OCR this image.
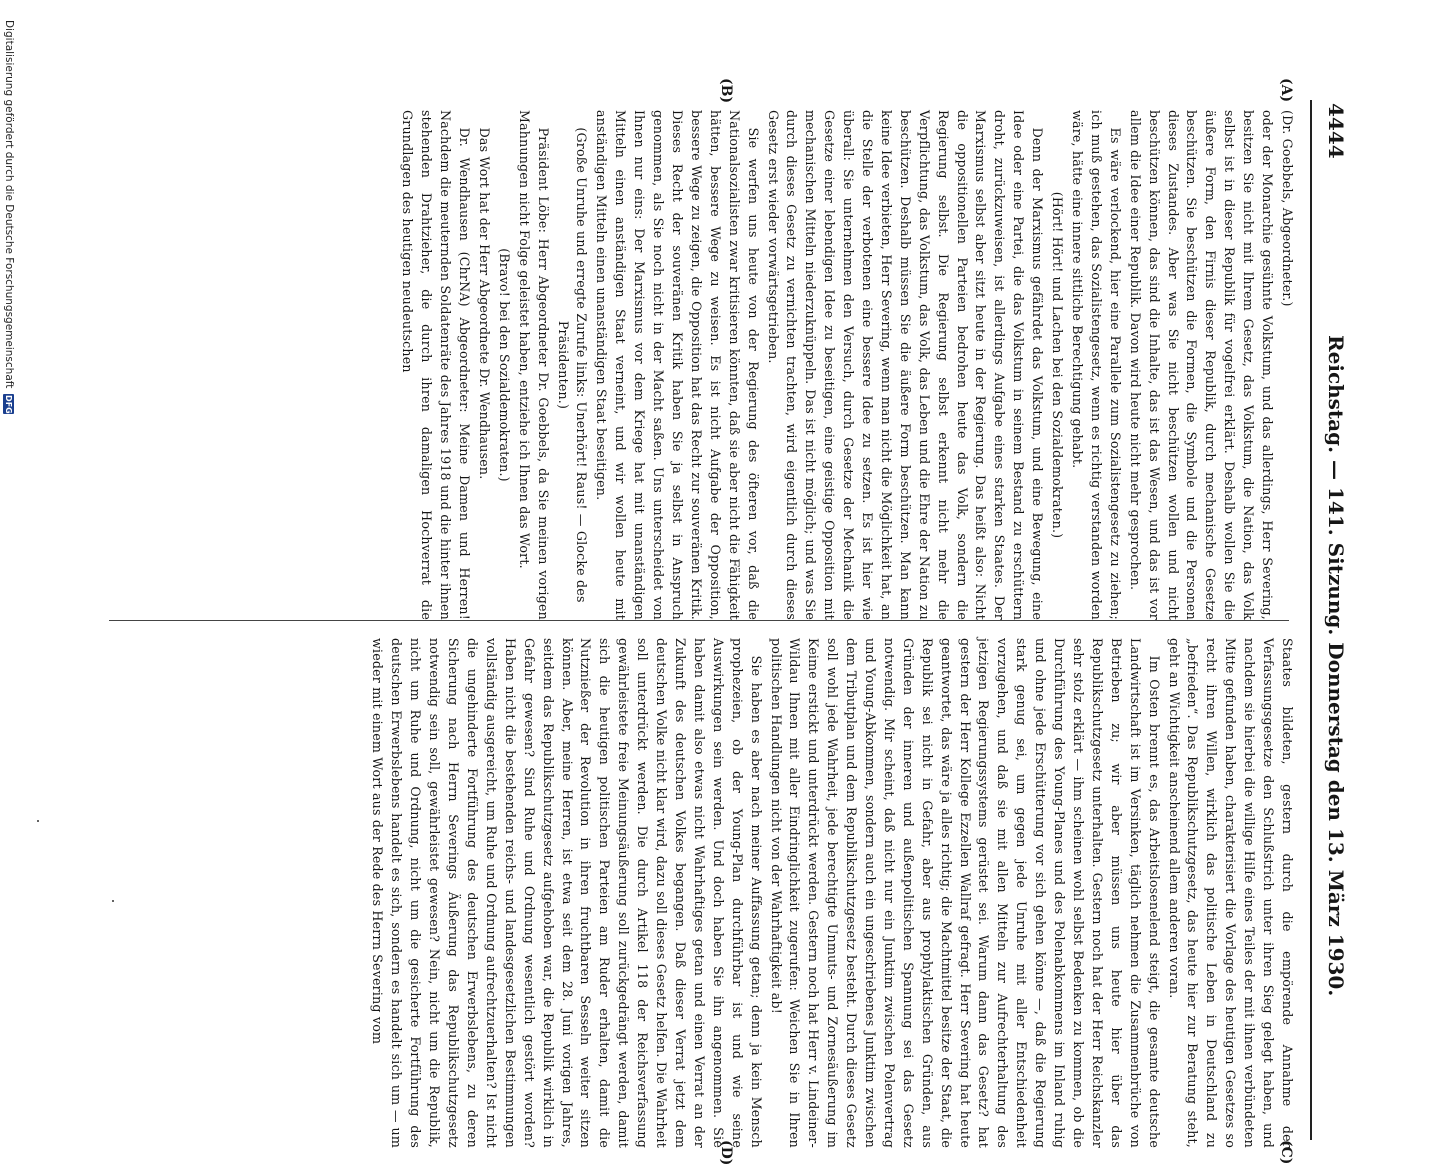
4444
Reichstag. — 141. Sitzung. Donnerstag den 13. März 1930.
(A)
(B)
(C)
(D)

(Dr. Goebbels, Abgeordneter.)

oder der Monarchie gesühnte Volkstum, und das allerdings, Herr Severing, besitzen Sie nicht mit Ihrem Gesetz, das Volkstum, die Nation, das Volk selbst ist in dieser Republik für vogelfrei erklärt. Deshalb wollen Sie die äußere Form, den Firnis dieser Republik, durch mechanische Gesetze beschützen. Sie beschützen die Formen, die Symbole und die Personen dieses Zustandes. Aber was Sie nicht beschützen wollen und nicht beschützen können, das sind die Inhalte, das ist das Wesen, und das ist vor allem die Idee einer Republik. Davon wird heute nicht mehr gesprochen.

Es wäre verlockend, hier eine Parallele zum Sozialistengesetz zu ziehen; ich muß gestehen, das Sozialistengesetz, wenn es richtig verstanden worden wäre, hätte eine innere sittliche Berechtigung gehabt.

(Hört! Hört! und Lachen bei den Sozialdemokraten.)

Denn der Marxismus gefährdet das Volkstum, und eine Bewegung, eine Idee oder eine Partei, die das Volkstum in seinem Bestand zu erschüttern droht, zurückzuweisen, ist allerdings Aufgabe eines starken Staates. Der Marxismus selbst aber sitzt heute in der Regierung. Das heißt also: Nicht die oppositionellen Parteien bedrohen heute das Volk, sondern die Regierung selbst. Die Regierung selbst erkennt nicht mehr die Verpflichtung, das Volkstum, das Volk, das Leben und die Ehre der Nation zu beschützen. Deshalb müssen Sie die äußere Form beschützen. Man kann keine Idee verbieten, Herr Severing, wenn man nicht die Möglichkeit hat, an die Stelle der verbotenen eine bessere Idee zu setzen. Es ist hier wie überall: Sie unternehmen den Versuch, durch Gesetze der Mechanik die Gesetze einer lebendigen Idee zu beseitigen, eine geistige Opposition mit mechanischen Mitteln niederzuknüppeln. Das ist nicht möglich; und was Sie durch dieses Gesetz zu vernichten trachten, wird eigentlich durch dieses Gesetz erst wieder vorwärtsgetrieben.

Sie werfen uns heute von der Regierung des öfteren vor, daß die Nationalsozialisten zwar kritisieren könnten, daß sie aber nicht die Fähigkeit hätten, bessere Wege zu weisen. Es ist nicht Aufgabe der Opposition, bessere Wege zu zeigen, die Opposition hat das Recht zur souveränen Kritik. Dieses Recht der souveränen Kritik haben Sie ja selbst in Anspruch genommen, als Sie noch nicht in der Macht saßen. Uns unterscheidet von Ihnen nur eins: Der Marxismus vor dem Kriege hat mit unanständigen Mitteln einen anständigen Staat verneint, und wir wollen heute mit anständigen Mitteln einen unanständigen Staat beseitigen.

(Große Unruhe und erregte Zurufe links: Unerhört! Raus! — Glocke des Präsidenten.)

Präsident Löbe: Herr Abgeordneter Dr. Goebbels, da Sie meinen vorigen Mahnungen nicht Folge geleistet haben, entziehe ich Ihnen das Wort.

(Bravo! bei den Sozialdemokraten.)

Das Wort hat der Herr Abgeordnete Dr. Wendhausen.

Dr. Wendhausen (ChrNA) Abgeordneter: Meine Damen und Herren! Nachdem die meuternden Soldatenräte des Jahres 1918 und die hinter ihnen stehenden Drahtzieher, die durch ihren damaligen Hochverrat die Grundlagen des heutigen neudeutschen

Staates bildeten, gestern durch die empörende Annahme der Verfassungsgesetze den Schlußstrich unter ihren Sieg gelegt haben, und nachdem sie hierbei die willige Hilfe eines Teiles der mit ihnen verbündeten Mitte gefunden haben, charakterisiert die Vorlage des heutigen Gesetzes so recht ihren Willen, wirklich das politische Leben in Deutschland zu „befrieden“. Das Republikschutzgesetz, das heute hier zur Beratung steht, geht an Wichtigkeit anscheinend allem anderen voran.

Im Osten brennt es, das Arbeitslosenelend steigt, die gesamte deutsche Landwirtschaft ist im Versinken, täglich nehmen die Zusammenbrüche von Betrieben zu; wir aber müssen uns heute hier über das Republikschutzgesetz unterhalten. Gestern noch hat der Herr Reichskanzler sehr stolz erklärt — ihm scheinen wohl selbst Bedenken zu kommen, ob die Durchführung des Young-Planes und des Polenabkommens im Inland ruhig und ohne jede Erschütterung vor sich gehen könne —, daß die Regierung stark genug sei, um gegen jede Unruhe mit aller Entschiedenheit vorzugehen, und daß sie mit allen Mitteln zur Aufrechterhaltung des jetzigen Regierungssystems gerüstet sei. Warum dann das Gesetz? hat gestern der Herr Kollege Ezzellen Wallraf gefragt. Herr Severing hat heute geantwortet, das wäre ja alles richtig; die Machtmittel besitze der Staat, die Republik sei nicht in Gefahr, aber aus prophylaktischen Gründen, aus Gründen der inneren und außenpolitischen Spannung sei das Gesetz notwendig. Mir scheint, daß nicht nur ein Junktim zwischen Polenvertrag und Young-Abkommen, sondern auch ein ungeschriebenes Junktim zwischen dem Tributplan und dem Republikschutzgesetz besteht. Durch dieses Gesetz soll wohl jede Wahrheit, jede berechtigte Unmuts- und Zornesäußerung im Keime erstickt und unterdrückt werden. Gestern noch hat Herr v. Lindeiner-Wildau Ihnen mit aller Eindringlichkeit zugerufen: Weichen Sie in Ihren politischen Handlungen nicht von der Wahrhaftigkeit ab!

Sie haben es aber nach meiner Auffassung getan; denn ja kein Mensch prophezeien, ob der Young-Plan durchführbar ist und wie seine Auswirkungen sein werden. Und doch haben Sie ihn angenommen. Sie haben damit also etwas nicht Wahrhaftiges getan und einen Verrat an der Zukunft des deutschen Volkes begangen. Daß dieser Verrat jetzt dem deutschen Volke nicht klar wird, dazu soll dieses Gesetz helfen. Die Wahrheit soll unterdrückt werden. Die durch Artikel 118 der Reichsverfassung gewährleistete freie Meinungsäußerung soll zurückgedrängt werden, damit sich die heutigen politischen Parteien am Ruder erhalten, damit die Nutznießer der Revolution in ihren fruchtbaren Sesseln weiter sitzen können. Aber, meine Herren, ist etwa seit dem 28. Juni vorigen Jahres, seitdem das Republikschutzgesetz aufgehoben war, die Republik wirklich in Gefahr gewesen? Sind Ruhe und Ordnung wesentlich gestört worden? Haben nicht die bestehenden reichs- und landesgesetzlichen Bestimmungen vollständig ausgereicht, um Ruhe und Ordnung aufrechtzuerhalten? Ist nicht die ungehinderte Fortführung des deutschen Erwerbslebens, zu deren Sicherung nach Herrn Severings Äußerung das Republikschutzgesetz notwendig sein soll, gewährleistet gewesen? Nein, nicht um die Republik, nicht um Ruhe und Ordnung, nicht um die gesicherte Fortführung des deutschen Erwerbslebens handelt es sich, sondern es handelt sich um — um wieder mit einem Wort aus der Rede des Herrn Severing vom

Digitalisierung gefördert durch die Deutsche Forschungsgemeinschaft
DFG
